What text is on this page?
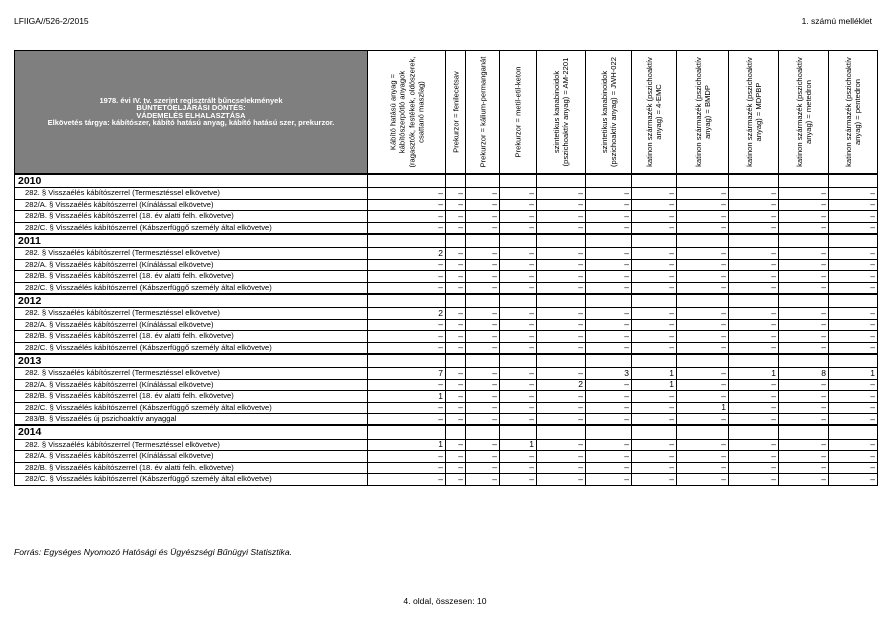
LFIIGA//526-2/2015	1. számú melléklet
1978. évi IV. tv. szerint regisztrált bűncselekmények
BÜNTETŐELJÁRÁSI DÖNTÉS:
VÁDEMELÉS ELHALASZTÁSA
Elkövetés tárgya: kábítószer, kábító hatású anyag, kábító hatású szer, prekurzor.	Kábító hatású anyag = kábítószerpótló anyagok (ragasztók, festékek, oldószerek, csattanó maszlag)	Prekurzor = fenilecetsav	Prekurzor = kálium-permanganát	Prekurzor = metil-etil-keton	szintetikus kanabinoidok (pszichoaktív anyag) = AM-2201	szintetikus kanabinoidok (pszichoaktív anyag) = JWH-022	katinon származék (pszichoaktív anyag) = 4-EMC	katinon származék (pszichoaktív anyag) = BMDP	katinon származék (pszichoaktív anyag) = MDPBP	katinon származék (pszichoaktív anyag) = metedron	katinon származék (pszichoaktív anyag) = pentedron

2010											
282. § Visszaélés kábítószerrel (Termesztéssel elkövetve)	–	–	–	–	–	–	–	–	–	–	–
282/A. § Visszaélés kábítószerrel (Kínálással elkövetve)	–	–	–	–	–	–	–	–	–	–	–
282/B. § Visszaélés kábítószerrel (18. év alatti felh. elkövetve)	–	–	–	–	–	–	–	–	–	–	–
282/C. § Visszaélés kábítószerrel (Kábszerfüggő személy által elkövetve)	–	–	–	–	–	–	–	–	–	–	–
2011											
282. § Visszaélés kábítószerrel (Termesztéssel elkövetve)	2	–	–	–	–	–	–	–	–	–	–
282/A. § Visszaélés kábítószerrel (Kínálással elkövetve)	–	–	–	–	–	–	–	–	–	–	–
282/B. § Visszaélés kábítószerrel (18. év alatti felh. elkövetve)	–	–	–	–	–	–	–	–	–	–	–
282/C. § Visszaélés kábítószerrel (Kábszerfüggő személy által elkövetve)	–	–	–	–	–	–	–	–	–	–	–
2012											
282. § Visszaélés kábítószerrel (Termesztéssel elkövetve)	2	–	–	–	–	–	–	–	–	–	–
282/A. § Visszaélés kábítószerrel (Kínálással elkövetve)	–	–	–	–	–	–	–	–	–	–	–
282/B. § Visszaélés kábítószerrel (18. év alatti felh. elkövetve)	–	–	–	–	–	–	–	–	–	–	–
282/C. § Visszaélés kábítószerrel (Kábszerfüggő személy által elkövetve)	–	–	–	–	–	–	–	–	–	–	–
2013											
282. § Visszaélés kábítószerrel (Termesztéssel elkövetve)	7	–	–	–	–	3	1	–	1	8	1
282/A. § Visszaélés kábítószerrel (Kínálással elkövetve)	–	–	–	–	2	–	1	–	–	–	–
282/B. § Visszaélés kábítószerrel (18. év alatti felh. elkövetve)	1	–	–	–	–	–	–	–	–	–	–
282/C. § Visszaélés kábítószerrel (Kábszerfüggő személy által elkövetve)	–	–	–	–	–	–	–	1	–	–	–
283/B. § Visszaélés új pszichoaktív anyaggal	–	–	–	–	–	–	–	–	–	–	–
2014											
282. § Visszaélés kábítószerrel (Termesztéssel elkövetve)	1	–	–	1	–	–	–	–	–	–	–
282/A. § Visszaélés kábítószerrel (Kínálással elkövetve)	–	–	–	–	–	–	–	–	–	–	–
282/B. § Visszaélés kábítószerrel (18. év alatti felh. elkövetve)	–	–	–	–	–	–	–	–	–	–	–
282/C. § Visszaélés kábítószerrel (Kábszerfüggő személy által elkövetve)	–	–	–	–	–	–	–	–	–	–	–
Forrás: Egységes Nyomozó Hatósági és Ügyészségi Bűnügyi Statisztika.
4. oldal, összesen: 10
